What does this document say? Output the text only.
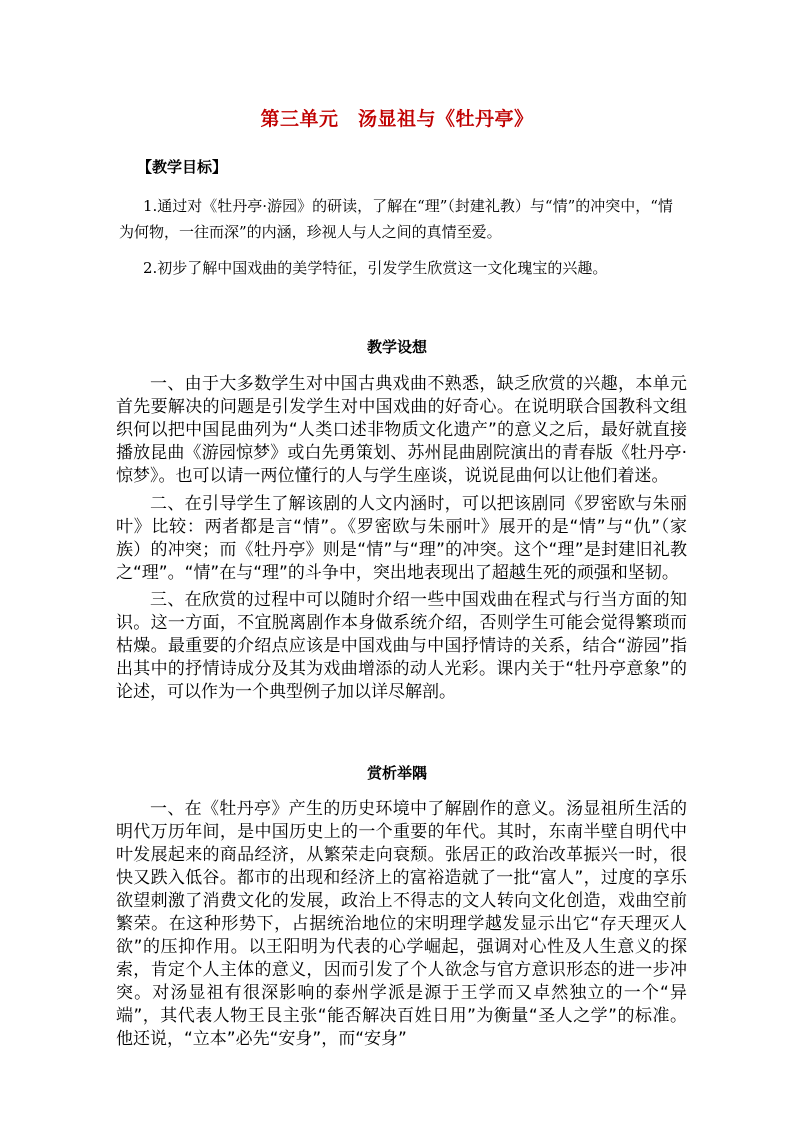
第三单元　汤显祖与《牡丹亭》
【教学目标】

1.通过对《牡丹亭·游园》的研读，了解在“理”（封建礼教）与“情”的冲突中，“情为何物，一往而深”的内涵，珍视人与人之间的真情至爱。

2.初步了解中国戏曲的美学特征，引发学生欣赏这一文化瑰宝的兴趣。

教学设想

一、由于大多数学生对中国古典戏曲不熟悉，缺乏欣赏的兴趣，本单元首先要解决的问题是引发学生对中国戏曲的好奇心。在说明联合国教科文组织何以把中国昆曲列为“人类口述非物质文化遗产”的意义之后，最好就直接播放昆曲《游园惊梦》或白先勇策划、苏州昆曲剧院演出的青春版《牡丹亭·惊梦》。也可以请一两位懂行的人与学生座谈，说说昆曲何以让他们着迷。

二、在引导学生了解该剧的人文内涵时，可以把该剧同《罗密欧与朱丽叶》比较：两者都是言“情”。《罗密欧与朱丽叶》展开的是“情”与“仇”（家族）的冲突；而《牡丹亭》则是“情”与“理”的冲突。这个“理”是封建旧礼教之“理”。“情”在与“理”的斗争中，突出地表现出了超越生死的顽强和坚韧。

三、在欣赏的过程中可以随时介绍一些中国戏曲在程式与行当方面的知识。这一方面，不宜脱离剧作本身做系统介绍，否则学生可能会觉得繁琐而枯燥。最重要的介绍点应该是中国戏曲与中国抒情诗的关系，结合“游园”指出其中的抒情诗成分及其为戏曲增添的动人光彩。课内关于“牡丹亭意象”的论述，可以作为一个典型例子加以详尽解剖。

赏析举隅

一、在《牡丹亭》产生的历史环境中了解剧作的意义。汤显祖所生活的明代万历年间，是中国历史上的一个重要的年代。其时，东南半壁自明代中叶发展起来的商品经济，从繁荣走向衰颓。张居正的政治改革振兴一时，很快又跌入低谷。都市的出现和经济上的富裕造就了一批“富人”，过度的享乐欲望刺激了消费文化的发展，政治上不得志的文人转向文化创造，戏曲空前繁荣。在这种形势下，占据统治地位的宋明理学越发显示出它“存天理灭人欲”的压抑作用。以王阳明为代表的心学崛起，强调对心性及人生意义的探索，肯定个人主体的意义，因而引发了个人欲念与官方意识形态的进一步冲突。对汤显祖有很深影响的泰州学派是源于王学而又卓然独立的一个“异端”，其代表人物王艮主张“能否解决百姓日用”为衡量“圣人之学”的标准。他还说，“立本”必先“安身”，而“安身”
